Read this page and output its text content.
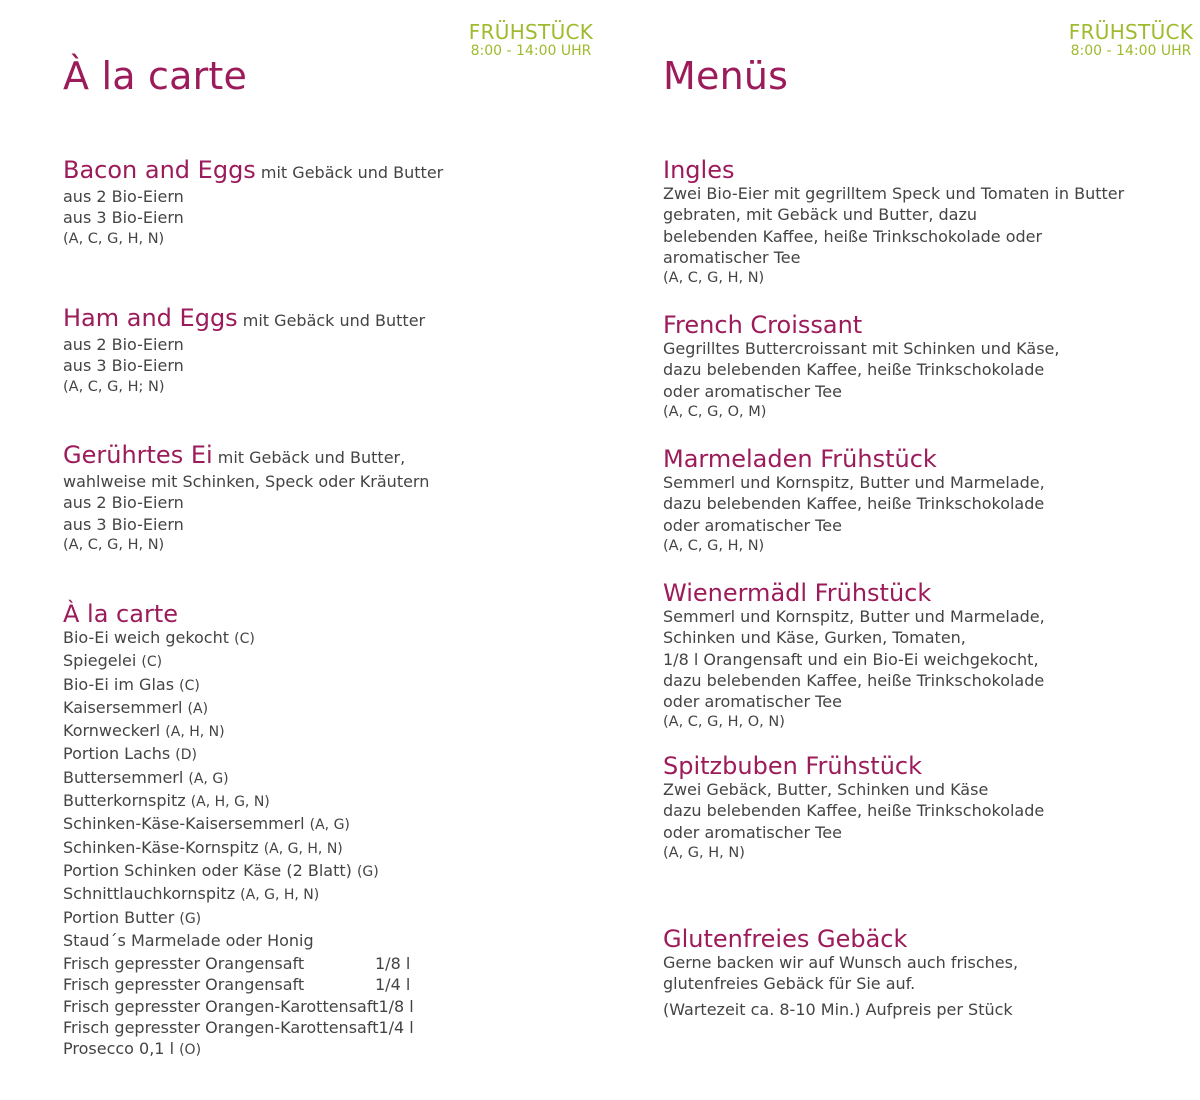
FRÜHSTÜCK
8:00 - 14:00 UHR
À la carte
Bacon and Eggs mit Gebäck und Butter
aus 2 Bio-Eiern
aus 3 Bio-Eiern
(A, C, G, H, N)
Ham and Eggs mit Gebäck und Butter
aus 2 Bio-Eiern
aus 3 Bio-Eiern
(A, C, G, H; N)
Gerührtes Ei mit Gebäck und Butter,
wahlweise mit Schinken, Speck oder Kräutern
aus 2 Bio-Eiern
aus 3 Bio-Eiern
(A, C, G, H, N)
À la carte
Bio-Ei weich gekocht (C)
Spiegelei (C)
Bio-Ei im Glas (C)
Kaisersemmerl (A)
Kornweckerl (A, H, N)
Portion Lachs (D)
Buttersemmerl (A, G)
Butterkornspitz (A, H, G, N)
Schinken-Käse-Kaisersemmerl (A, G)
Schinken-Käse-Kornspitz (A, G, H, N)
Portion Schinken oder Käse (2 Blatt) (G)
Schnittlauchkornspitz (A, G, H, N)
Portion Butter (G)
Staud´s Marmelade oder Honig
Frisch gepresster Orangensaft	1/8 l
Frisch gepresster Orangensaft	1/4 l
Frisch gepresster Orangen-Karottensaft 1/8 l
Frisch gepresster Orangen-Karottensaft 1/4 l
Prosecco 0,1 l (O)
FRÜHSTÜCK
8:00 - 14:00 UHR
Menüs
Ingles
Zwei Bio-Eier mit gegrilltem Speck und Tomaten in Butter
gebraten, mit Gebäck und Butter, dazu
belebenden Kaffee, heiße Trinkschokolade oder
aromatischer Tee
(A, C, G, H, N)
French Croissant
Gegrilltes Buttercroissant mit Schinken und Käse,
dazu belebenden Kaffee, heiße Trinkschokolade
oder aromatischer Tee
(A, C, G, O, M)
Marmeladen Frühstück
Semmerl und Kornspitz, Butter und Marmelade,
dazu belebenden Kaffee, heiße Trinkschokolade
oder aromatischer Tee
(A, C, G, H, N)
Wienermädl Frühstück
Semmerl und Kornspitz, Butter und Marmelade,
Schinken und Käse, Gurken, Tomaten,
1/8 l Orangensaft und ein Bio-Ei weichgekocht,
dazu belebenden Kaffee, heiße Trinkschokolade
oder aromatischer Tee
(A, C, G, H, O, N)
Spitzbuben Frühstück
Zwei Gebäck, Butter, Schinken und Käse
dazu belebenden Kaffee, heiße Trinkschokolade
oder aromatischer Tee
(A, G, H, N)
Glutenfreies Gebäck
Gerne backen wir auf Wunsch auch frisches,
glutenfreies Gebäck für Sie auf.
(Wartezeit ca. 8-10 Min.) Aufpreis per Stück
